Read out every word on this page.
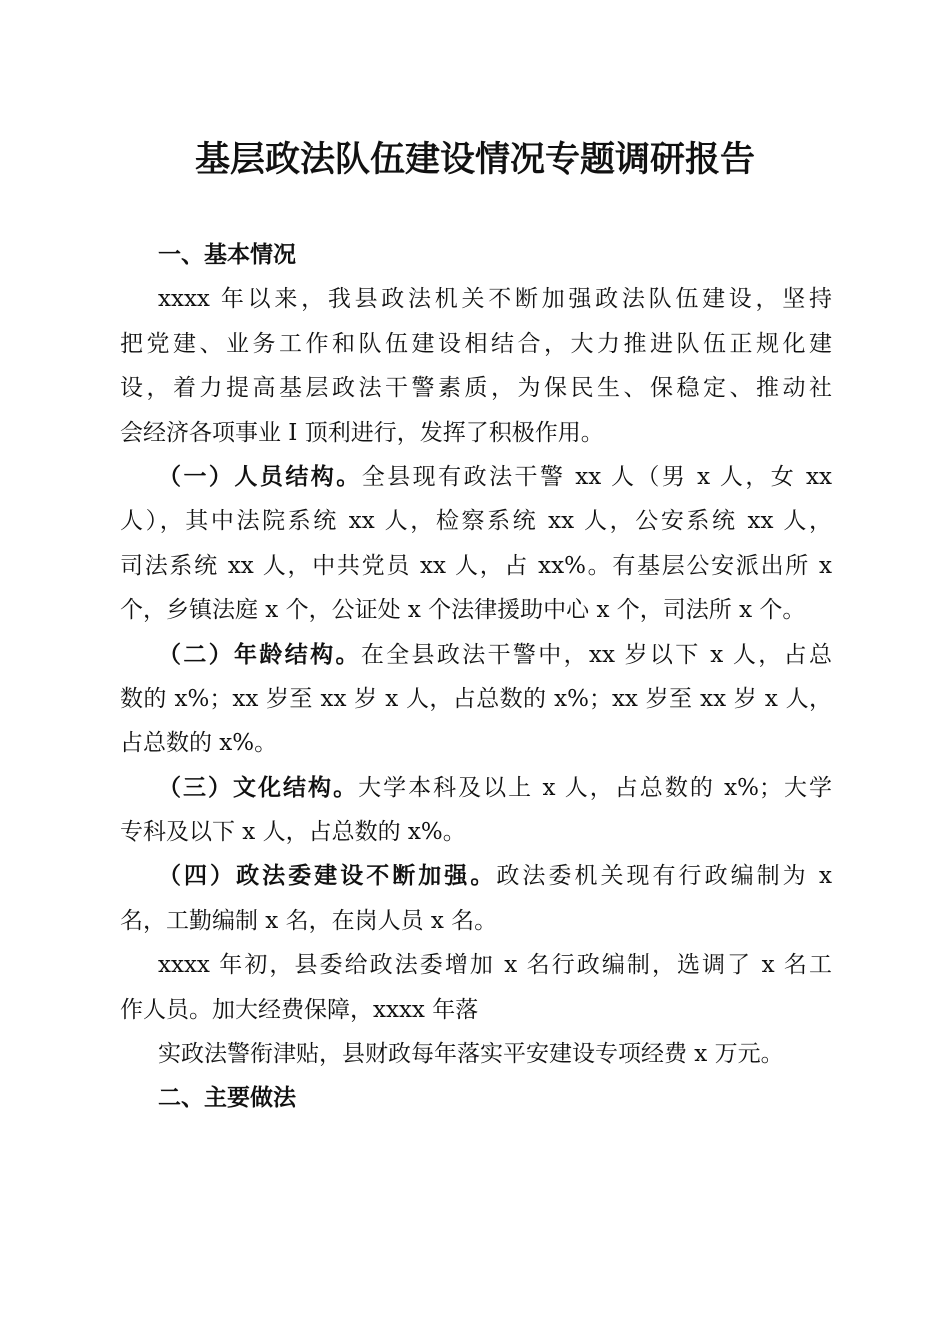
基层政法队伍建设情况专题调研报告
一、基本情况
xxxx 年以来，我县政法机关不断加强政法队伍建设，坚持
把党建、业务工作和队伍建设相结合，大力推进队伍正规化建
设，着力提高基层政法干警素质，为保民生、保稳定、推动社
会经济各项事业 I 顶利进行，发挥了积极作用。
（一）人员结构。全县现有政法干警 xx 人（男 x 人，女 xx
人），其中法院系统 xx 人，检察系统 xx 人，公安系统 xx 人，
司法系统 xx 人，中共党员 xx 人，占 xx%。有基层公安派出所 x
个，乡镇法庭 x 个，公证处 x 个法律援助中心 x 个，司法所 x 个。
（二）年龄结构。在全县政法干警中，xx 岁以下 x 人，占总
数的 x%；xx 岁至 xx 岁 x 人，占总数的 x%；xx 岁至 xx 岁 x 人，
占总数的 x%。
（三）文化结构。大学本科及以上 x 人，占总数的 x%；大学
专科及以下 x 人，占总数的 x%。
（四）政法委建设不断加强。政法委机关现有行政编制为 x
名，工勤编制 x 名，在岗人员 x 名。
xxxx 年初，县委给政法委增加 x 名行政编制，选调了 x 名工
作人员。加大经费保障，xxxx 年落
实政法警衔津贴，县财政每年落实平安建设专项经费 x 万元。
二、主要做法
